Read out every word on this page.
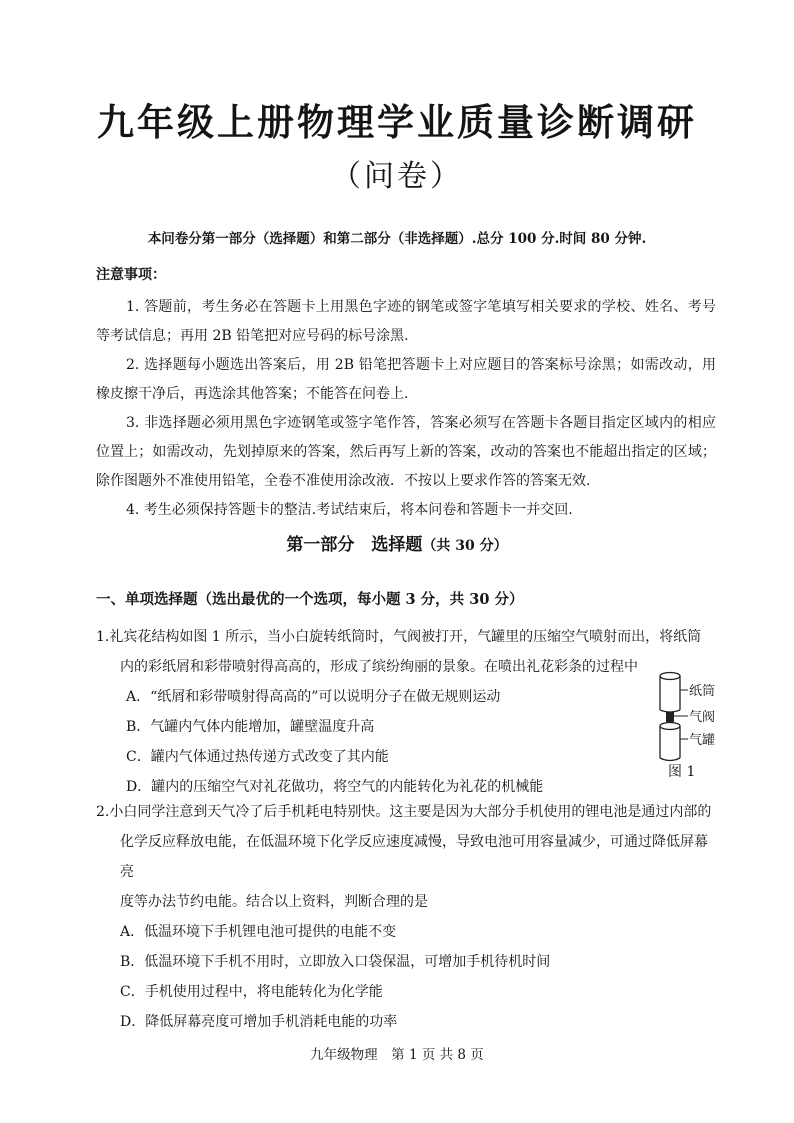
九年级上册物理学业质量诊断调研
（问卷）
本问卷分第一部分（选择题）和第二部分（非选择题）.总分 100 分.时间 80 分钟.
注意事项：

1. 答题前，考生务必在答题卡上用黑色字迹的钢笔或签字笔填写相关要求的学校、姓名、考号等考试信息；再用 2B 铅笔把对应号码的标号涂黑.

2. 选择题每小题选出答案后，用 2B 铅笔把答题卡上对应题目的答案标号涂黑；如需改动，用橡皮擦干净后，再选涂其他答案；不能答在问卷上.

3. 非选择题必须用黑色字迹钢笔或签字笔作答，答案必须写在答题卡各题目指定区域内的相应位置上；如需改动，先划掉原来的答案，然后再写上新的答案，改动的答案也不能超出指定的区域；除作图题外不准使用铅笔，全卷不准使用涂改液．不按以上要求作答的答案无效.

4. 考生必须保持答题卡的整洁.考试结束后，将本问卷和答题卡一并交回.

第一部分　选择题（共 30 分）
一、单项选择题（选出最优的一个选项，每小题 3 分，共 30 分）

1.礼宾花结构如图 1 所示，当小白旋转纸筒时，气阀被打开，气罐里的压缩空气喷射而出，将纸筒

内的彩纸屑和彩带喷射得高高的，形成了缤纷绚丽的景象。在喷出礼花彩条的过程中

A．“纸屑和彩带喷射得高高的”可以说明分子在做无规则运动

B．气罐内气体内能增加，罐壁温度升高

C．罐内气体通过热传递方式改变了其内能

D．罐内的压缩空气对礼花做功，将空气的内能转化为礼花的机械能

纸筒
气阀
气罐
图 1

2.小白同学注意到天气冷了后手机耗电特别快。这主要是因为大部分手机使用的锂电池是通过内部的

化学反应释放电能，在低温环境下化学反应速度减慢，导致电池可用容量减少，可通过降低屏幕亮

度等办法节约电能。结合以上资料，判断合理的是

A．低温环境下手机锂电池可提供的电能不变

B．低温环境下手机不用时，立即放入口袋保温，可增加手机待机时间

C．手机使用过程中，将电能转化为化学能

D．降低屏幕亮度可增加手机消耗电能的功率

九年级物理　第 1 页 共 8 页
